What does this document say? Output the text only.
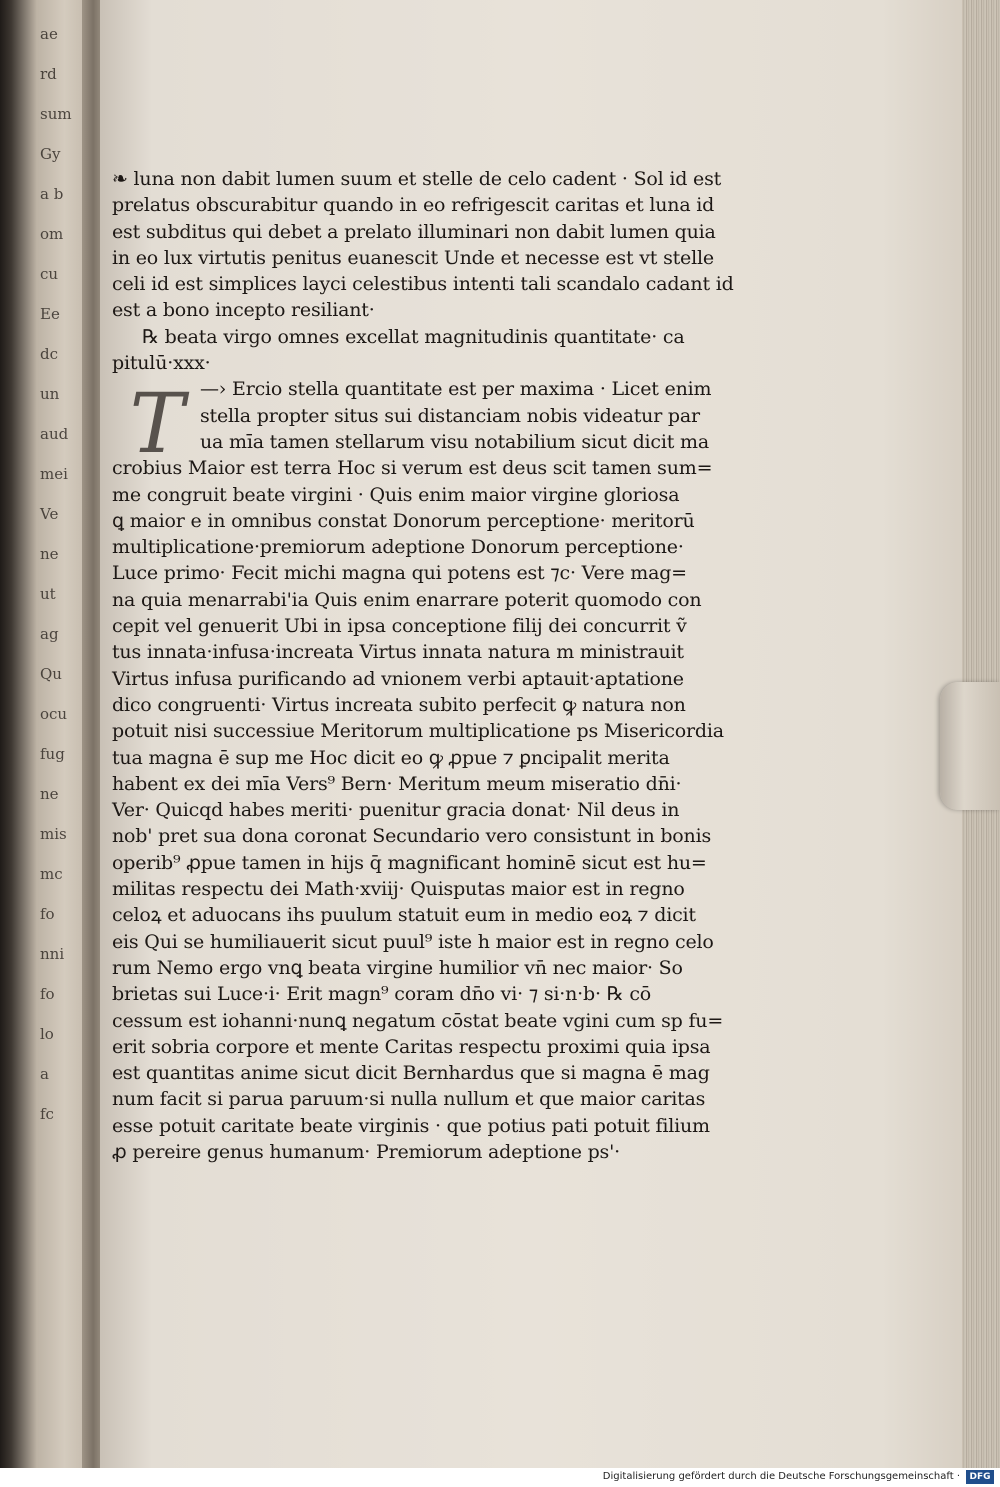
ae
rd
sum
Gy
a b
om
cu
Ee
dc
un
aud
mei
Ve
ne
ut
ag
Qu
ocu
fug
ne
mis
mc
fo
nni
fo
lo
a
fc
T
❧ luna non dabit lumen suum et stelle de celo cadent · Sol id est
prelatus obscurabitur quando in eo refrigescit caritas et luna id
est subditus qui debet a prelato illuminari non dabit lumen quia
in eo lux virtutis penitus euanescit Unde et necesse est vt stelle
celi id est simplices layci celestibus intenti tali scandalo cadant id
est a bono incepto resiliant·
℞ beata virgo omnes excellat magnitudinis quantitate· ca
pitulū·xxx·
—› Ercio stella quantitate est per maxima · Licet enim
stella propter situs sui distanciam nobis videatur par
ua mīa tamen stellarum visu notabilium sicut dicit ma
crobius Maior est terra Hoc si verum est deus scit tamen sum=
me congruit beate virgini · Quis enim maior virgine gloriosa
ꝗ maior e in omnibus constat Donorum perceptione· meritorū
multiplicatione·premiorum adeptione Donorum perceptione·
Luce primo· Fecit michi magna qui potens est ⁊c· Vere mag=
na quia menarrabi'ia Quis enim enarrare poterit quomodo con
cepit vel genuerit Ubi in ipsa conceptione filij dei concurrit ṽ
tus innata·infusa·increata Virtus innata natura m ministrauit
Virtus infusa purificando ad vnionem verbi aptauit·aptatione
dico congruenti· Virtus increata subito perfecit ꝙ natura non
potuit nisi successiue Meritorum multiplicatione ps Misericordia
tua magna ē sup me Hoc dicit eo ꝙ ꝓpue ⁊ ꝑncipalit merita
habent ex dei mīa Vers⁹ Bern· Meritum meum miseratio dn̄i·
Ver· Quicqd habes meriti· puenitur gracia donat· Nil deus in
nob' pret sua dona coronat Secundario vero consistunt in bonis
operib⁹ ꝓpue tamen in hijs q̄ magnificant hominē sicut est hu=
militas respectu dei Math·xviij· Quisputas maior est in regno
celoꝝ et aduocans ihs puulum statuit eum in medio eoꝝ ⁊ dicit
eis Qui se humiliauerit sicut puul⁹ iste h maior est in regno celo
rum Nemo ergo vnꝗ beata virgine humilior vn̄ nec maior· So
brietas sui Luce·i· Erit magn⁹ coram dn̄o vi· ⁊ si·n·b· ℞ cō
cessum est iohanni·nunꝗ negatum cōstat beate vgini cum sp fu=
erit sobria corpore et mente Caritas respectu proximi quia ipsa
est quantitas anime sicut dicit Bernhardus que si magna ē mag
num facit si parua paruum·si nulla nullum et que maior caritas
esse potuit caritate beate virginis · que potius pati potuit filium
ꝓ pereire genus humanum· Premiorum adeptione ps'·
Digitalisierung gefördert durch die Deutsche Forschungsgemeinschaft ·	DFG
